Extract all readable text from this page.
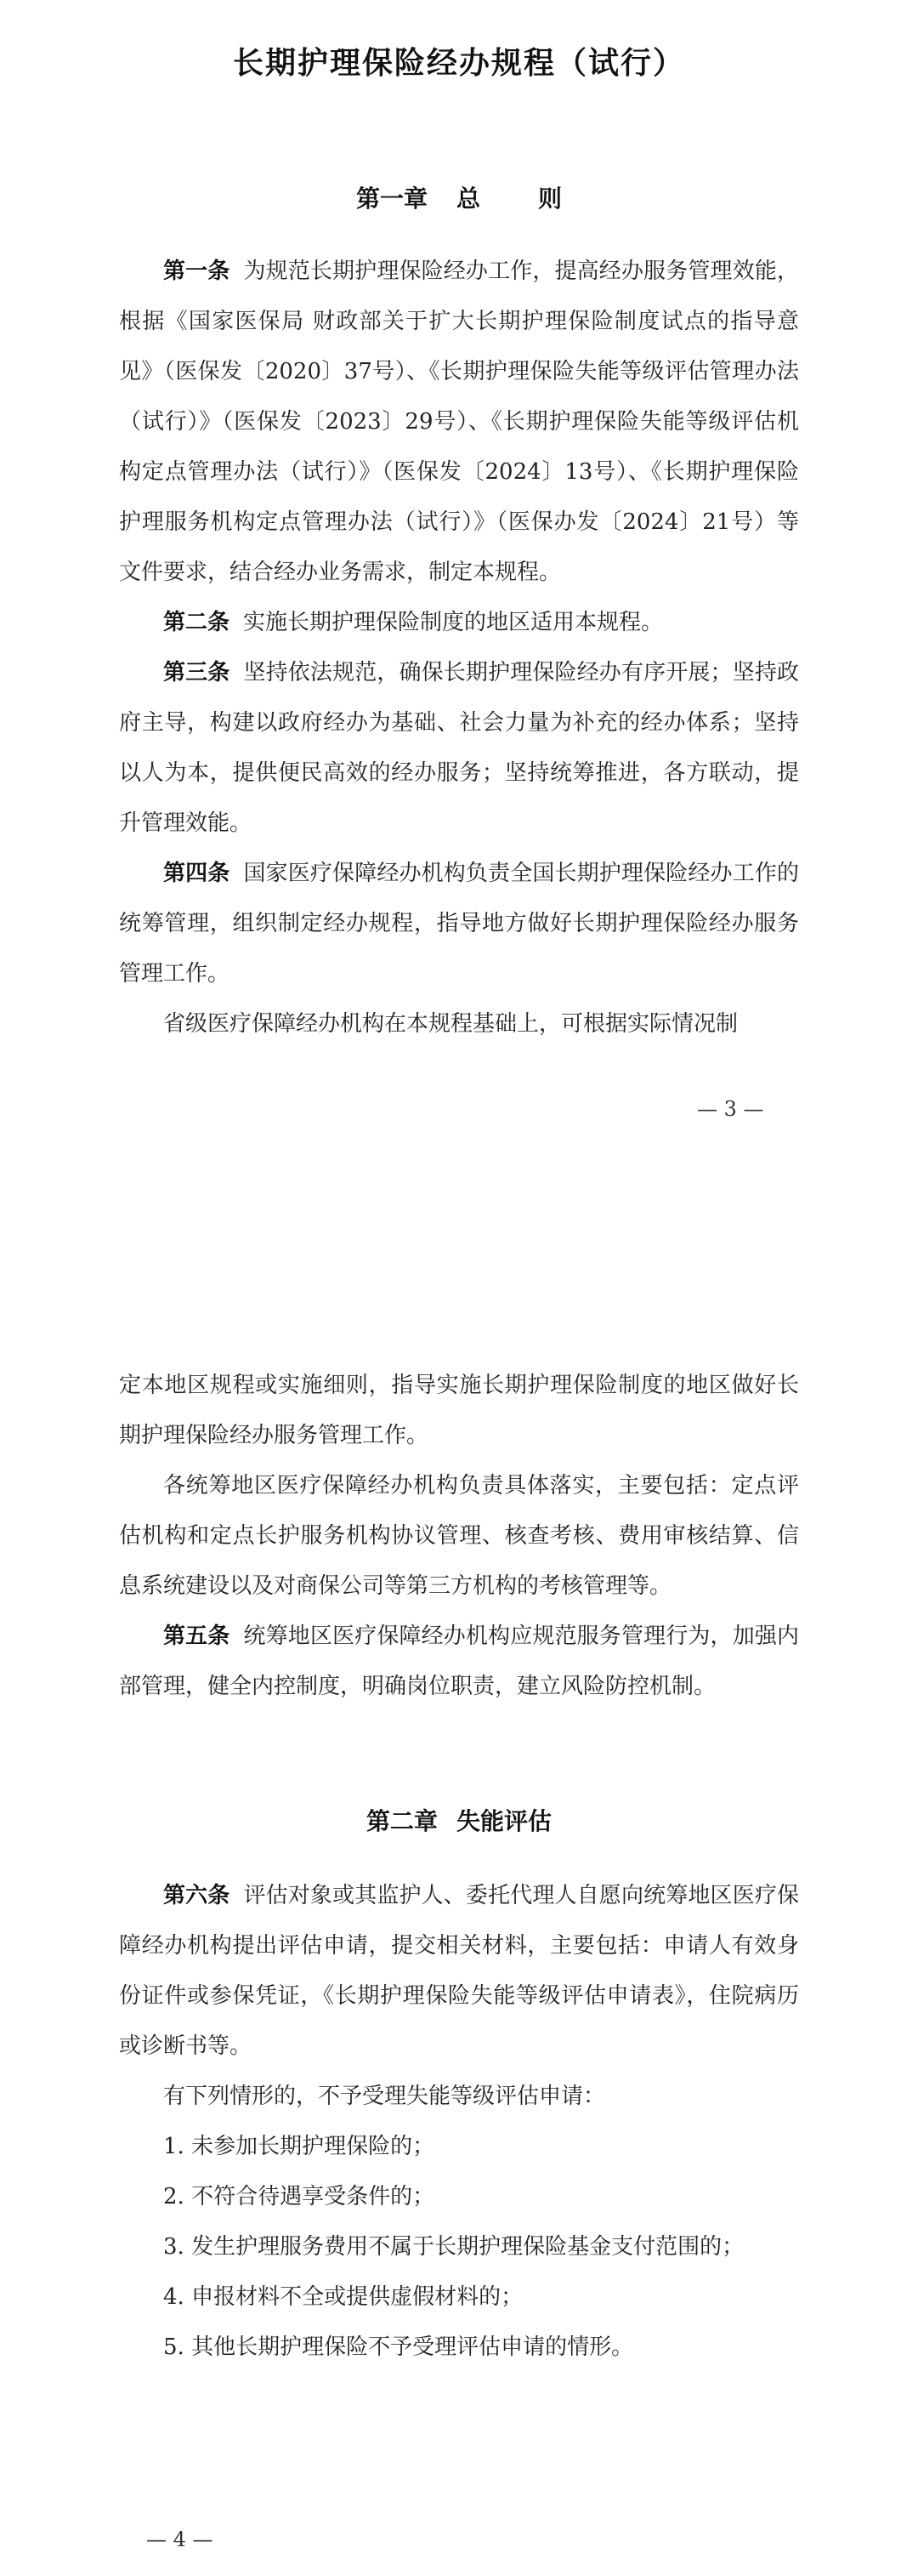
长期护理保险经办规程（试行）
第一章 总 则

第一条 为规范长期护理保险经办工作，提高经办服务管理效能，根据《国家医保局 财政部关于扩大长期护理保险制度试点的指导意见》（医保发〔2020〕37号）、《长期护理保险失能等级评估管理办法（试行）》（医保发〔2023〕29号）、《长期护理保险失能等级评估机构定点管理办法（试行）》（医保发〔2024〕13号）、《长期护理保险护理服务机构定点管理办法（试行）》（医保办发〔2024〕21号）等文件要求，结合经办业务需求，制定本规程。

第二条 实施长期护理保险制度的地区适用本规程。

第三条 坚持依法规范，确保长期护理保险经办有序开展；坚持政府主导，构建以政府经办为基础、社会力量为补充的经办体系；坚持以人为本，提供便民高效的经办服务；坚持统筹推进，各方联动，提升管理效能。

第四条 国家医疗保障经办机构负责全国长期护理保险经办工作的统筹管理，组织制定经办规程，指导地方做好长期护理保险经办服务管理工作。

省级医疗保障经办机构在本规程基础上，可根据实际情况制

— 3 —

定本地区规程或实施细则，指导实施长期护理保险制度的地区做好长期护理保险经办服务管理工作。

各统筹地区医疗保障经办机构负责具体落实，主要包括：定点评估机构和定点长护服务机构协议管理、核查考核、费用审核结算、信息系统建设以及对商保公司等第三方机构的考核管理等。

第五条 统筹地区医疗保障经办机构应规范服务管理行为，加强内部管理，健全内控制度，明确岗位职责，建立风险防控机制。

第二章 失能评估

第六条 评估对象或其监护人、委托代理人自愿向统筹地区医疗保障经办机构提出评估申请，提交相关材料，主要包括：申请人有效身份证件或参保凭证，《长期护理保险失能等级评估申请表》，住院病历或诊断书等。

有下列情形的，不予受理失能等级评估申请：

1. 未参加长期护理保险的；

2. 不符合待遇享受条件的；

3. 发生护理服务费用不属于长期护理保险基金支付范围的；

4. 申报材料不全或提供虚假材料的；

5. 其他长期护理保险不予受理评估申请的情形。

— 4 —
